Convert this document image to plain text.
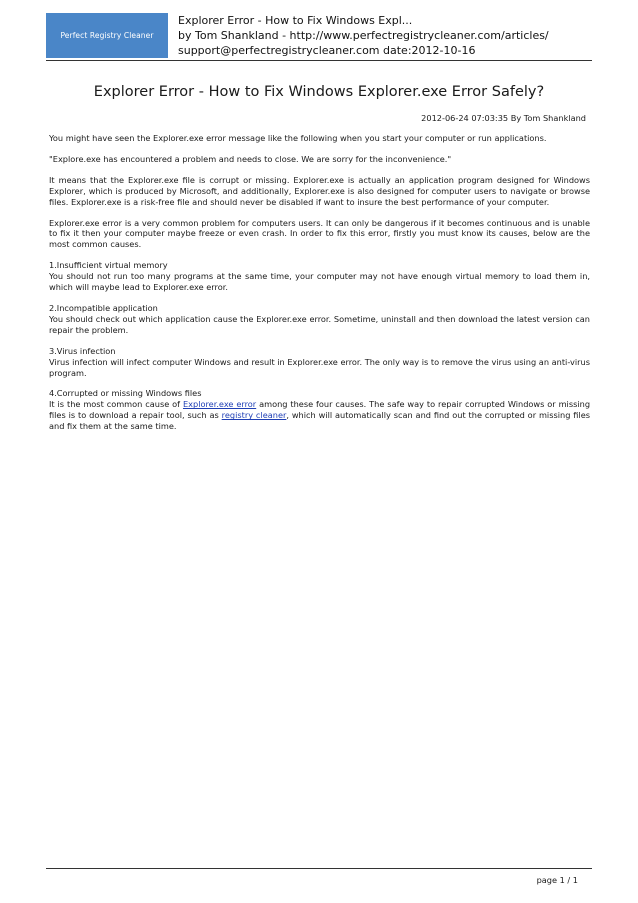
Perfect Registry Cleaner
Explorer Error - How to Fix Windows Expl...
by Tom Shankland - http://www.perfectregistrycleaner.com/articles/
support@perfectregistrycleaner.com date:2012-10-16
Explorer Error - How to Fix Windows Explorer.exe Error Safely?
2012-06-24 07:03:35 By Tom Shankland

You might have seen the Explorer.exe error message like the following when you start your computer or run applications.

"Explore.exe has encountered a problem and needs to close. We are sorry for the inconvenience."

It means that the Explorer.exe file is corrupt or missing. Explorer.exe is actually an application program designed for Windows Explorer, which is produced by Microsoft, and additionally, Explorer.exe is also designed for computer users to navigate or browse files. Explorer.exe is a risk-free file and should never be disabled if want to insure the best performance of your computer.

Explorer.exe error is a very common problem for computers users. It can only be dangerous if it becomes continuous and is unable to fix it then your computer maybe freeze or even crash. In order to fix this error, firstly you must know its causes, below are the most common causes.

1.Insufficient virtual memory
You should not run too many programs at the same time, your computer may not have enough virtual memory to load them in, which will maybe lead to Explorer.exe error.
2.Incompatible application
You should check out which application cause the Explorer.exe error. Sometime, uninstall and then download the latest version can repair the problem.
3.Virus infection
Virus infection will infect computer Windows and result in Explorer.exe error. The only way is to remove the virus using an anti-virus program.
4.Corrupted or missing Windows files
It is the most common cause of Explorer.exe error among these four causes. The safe way to repair corrupted Windows or missing files is to download a repair tool, such as registry cleaner, which will automatically scan and find out the corrupted or missing files and fix them at the same time.
page 1 / 1
